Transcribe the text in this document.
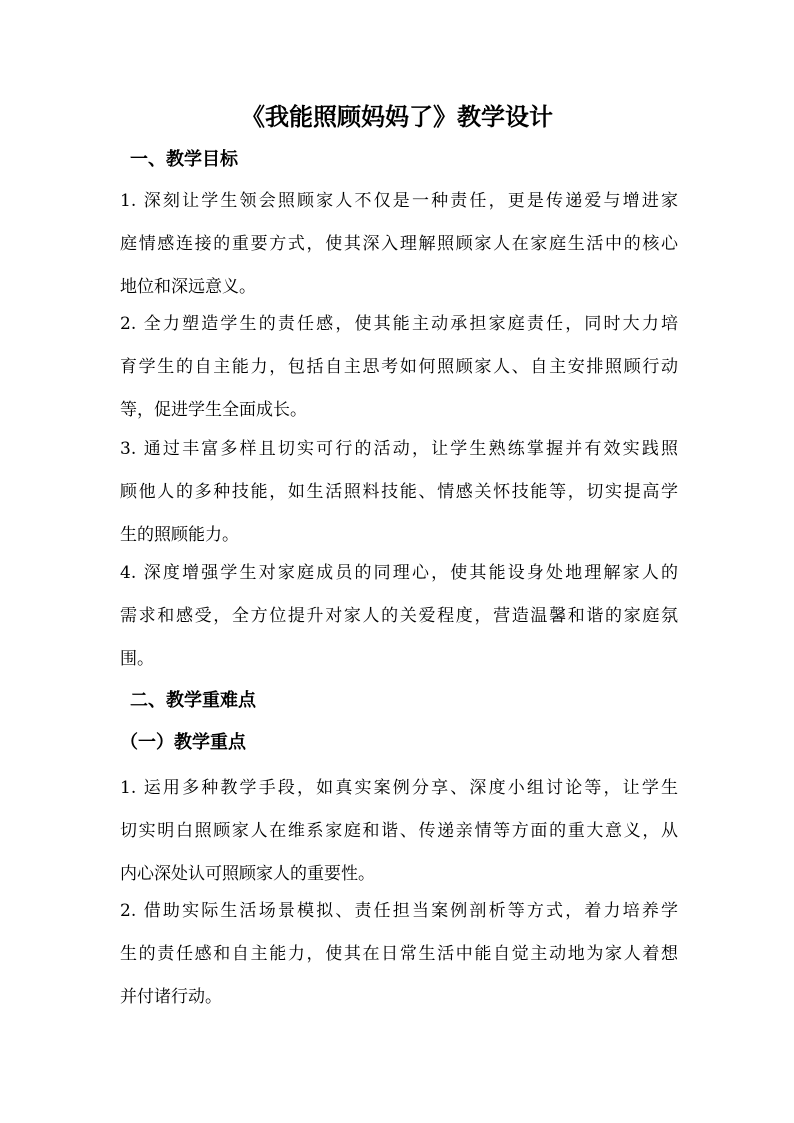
《我能照顾妈妈了》教学设计
一、教学目标
1. 深刻让学生领会照顾家人不仅是一种责任，更是传递爱与增进家
庭情感连接的重要方式，使其深入理解照顾家人在家庭生活中的核心
地位和深远意义。
2. 全力塑造学生的责任感，使其能主动承担家庭责任，同时大力培
育学生的自主能力，包括自主思考如何照顾家人、自主安排照顾行动
等，促进学生全面成长。
3. 通过丰富多样且切实可行的活动，让学生熟练掌握并有效实践照
顾他人的多种技能，如生活照料技能、情感关怀技能等，切实提高学
生的照顾能力。
4. 深度增强学生对家庭成员的同理心，使其能设身处地理解家人的
需求和感受，全方位提升对家人的关爱程度，营造温馨和谐的家庭氛
围。
二、教学重难点
（一）教学重点
1. 运用多种教学手段，如真实案例分享、深度小组讨论等，让学生
切实明白照顾家人在维系家庭和谐、传递亲情等方面的重大意义，从
内心深处认可照顾家人的重要性。
2. 借助实际生活场景模拟、责任担当案例剖析等方式，着力培养学
生的责任感和自主能力，使其在日常生活中能自觉主动地为家人着想
并付诸行动。
